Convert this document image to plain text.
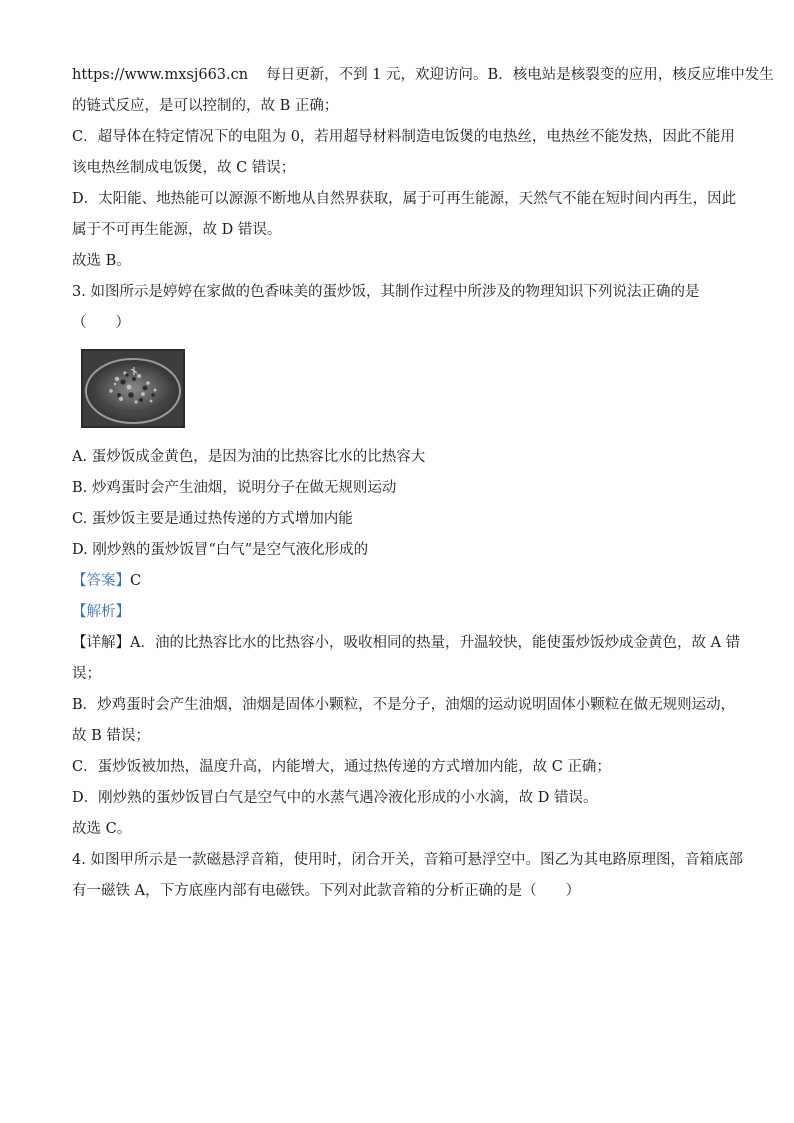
https://www.mxsj663.cn 每日更新，不到 1 元，欢迎访问。B．核电站是核裂变的应用，核反应堆中发生
的链式反应，是可以控制的，故 B 正确；
C．超导体在特定情况下的电阻为 0，若用超导材料制造电饭煲的电热丝，电热丝不能发热，因此不能用
该电热丝制成电饭煲，故 C 错误；
D．太阳能、地热能可以源源不断地从自然界获取，属于可再生能源，天然气不能在短时间内再生，因此
属于不可再生能源，故 D 错误。
故选 B。
3. 如图所示是婷婷在家做的色香味美的蛋炒饭，其制作过程中所涉及的物理知识下列说法正确的是
（　　）
A. 蛋炒饭成金黄色，是因为油的比热容比水的比热容大
B. 炒鸡蛋时会产生油烟，说明分子在做无规则运动
C. 蛋炒饭主要是通过热传递的方式增加内能
D. 刚炒熟的蛋炒饭冒“白气”是空气液化形成的
【答案】C
【解析】
【详解】A．油的比热容比水的比热容小，吸收相同的热量，升温较快，能使蛋炒饭炒成金黄色，故 A 错
误；
B．炒鸡蛋时会产生油烟，油烟是固体小颗粒，不是分子，油烟的运动说明固体小颗粒在做无规则运动，
故 B 错误；
C．蛋炒饭被加热，温度升高，内能增大，通过热传递的方式增加内能，故 C 正确；
D．刚炒熟的蛋炒饭冒白气是空气中的水蒸气遇冷液化形成的小水滴，故 D 错误。
故选 C。
4. 如图甲所示是一款磁悬浮音箱，使用时，闭合开关，音箱可悬浮空中。图乙为其电路原理图，音箱底部
有一磁铁 A，下方底座内部有电磁铁。下列对此款音箱的分析正确的是（　　）
